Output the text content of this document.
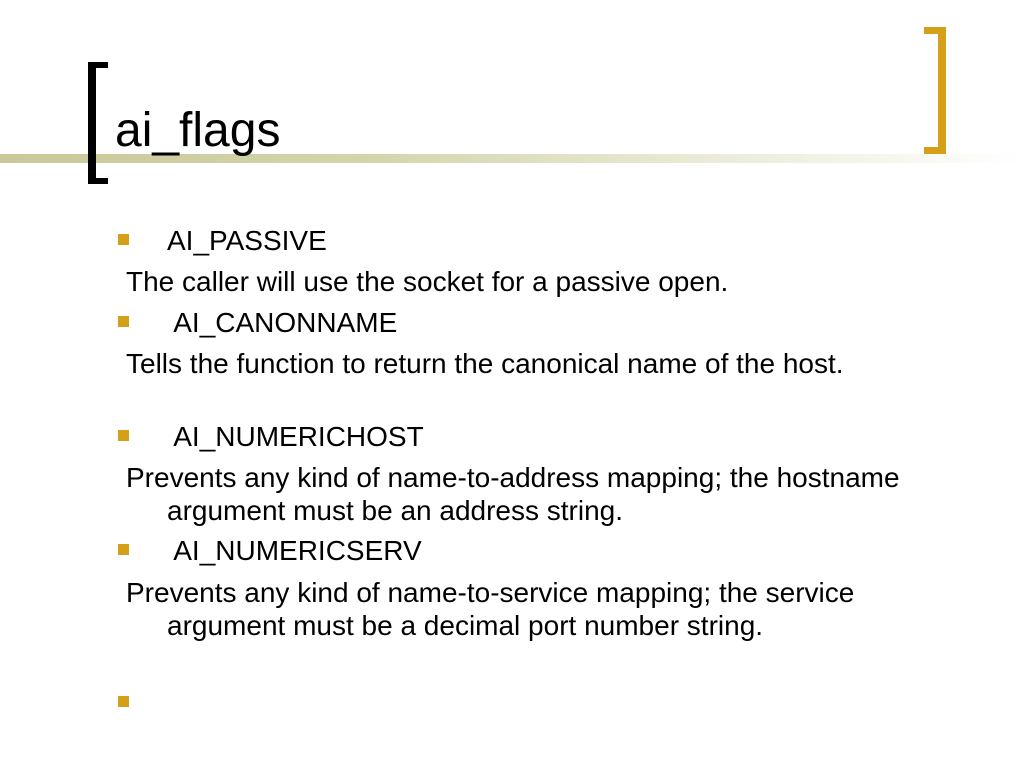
ai_flags
AI_PASSIVE
The caller will use the socket for a passive open.
AI_CANONNAME
Tells the function to return the canonical name of the host.
AI_NUMERICHOST
Prevents any kind of name-to-address mapping; the hostname argument must be an address string.
AI_NUMERICSERV
Prevents any kind of name-to-service mapping; the service argument must be a decimal port number string.
